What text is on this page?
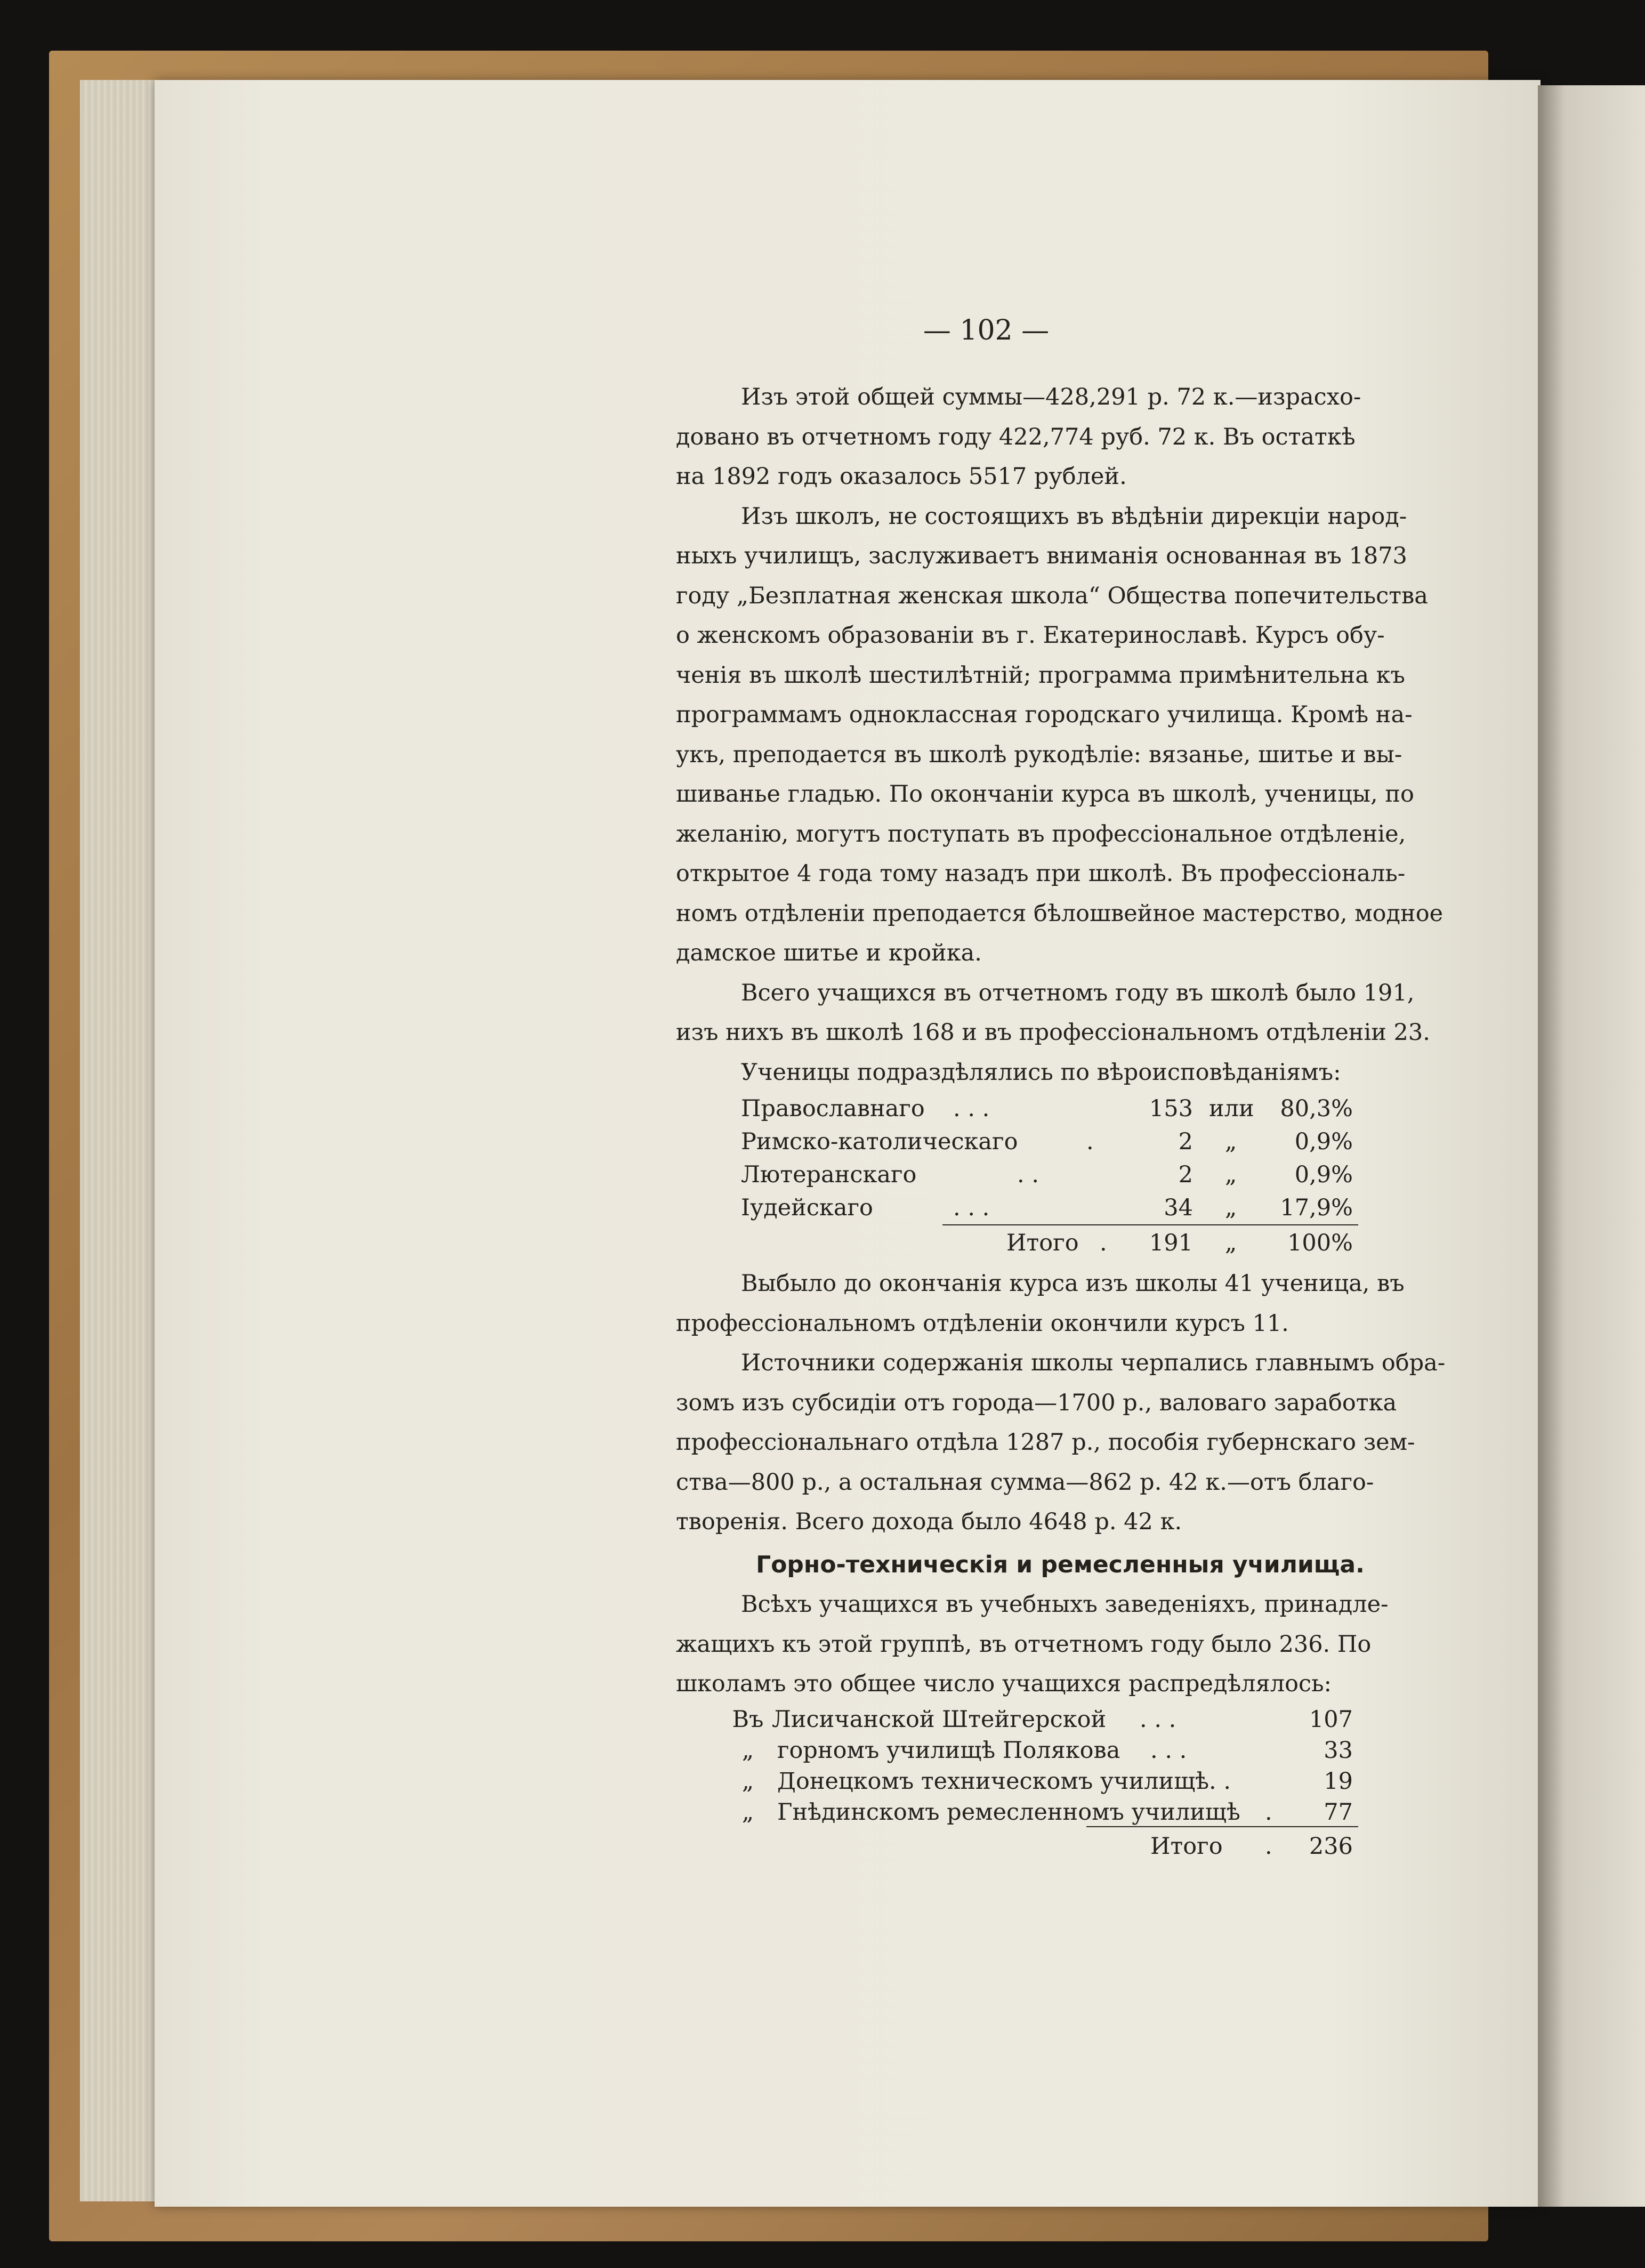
— 102 —
Изъ этой общей суммы—428,291 р. 72 к.—израсхо-
довано въ отчетномъ году 422,774 руб. 72 к. Въ остаткѣ
на 1892 годъ оказалось 5517 рублей.
Изъ школъ, не состоящихъ въ вѣдѣніи дирекціи народ-
ныхъ училищъ, заслуживаетъ вниманія основанная въ 1873
году „Безплатная женская школа“ Общества попечительства
о женскомъ образованіи въ г. Екатеринославѣ. Курсъ обу-
ченія въ школѣ шестилѣтній; программа примѣнительна къ
программамъ одноклассная городскаго училища. Кромѣ на-
укъ, преподается въ школѣ рукодѣліе: вязанье, шитье и вы-
шиванье гладью. По окончаніи курса въ школѣ, ученицы, по
желанію, могутъ поступать въ профессіональное отдѣленіе,
открытое 4 года тому назадъ при школѣ. Въ профессіональ-
номъ отдѣленіи преподается бѣлошвейное мастерство, модное
дамское шитье и кройка.
Всего учащихся въ отчетномъ году въ школѣ было 191,
изъ нихъ въ школѣ 168 и въ профессіональномъ отдѣленіи 23.
Ученицы подраздѣлялись по вѣроисповѣданіямъ:
Православнаго . . .	153 или	80,3%
Римско-католическаго	.	2 „	0,9%
Лютеранскаго	. .	2 „	0,9%
Іудейскаго	. . .	34 „	17,9%
Итого . 191 „	100%
Выбыло до окончанія курса изъ школы 41 ученица, въ
профессіональномъ отдѣленіи окончили курсъ 11.
Источники содержанія школы черпались главнымъ обра-
зомъ изъ субсидіи отъ города—1700 р., валоваго заработка
профессіональнаго отдѣла 1287 р., пособія губернскаго зем-
ства—800 р., а остальная сумма—862 р. 42 к.—отъ благо-
творенія. Всего дохода было 4648 р. 42 к.
Горно-техническія и ремесленныя училища.
Всѣхъ учащихся въ учебныхъ заведеніяхъ, принадле-
жащихъ къ этой группѣ, въ отчетномъ году было 236. По
школамъ это общее число учащихся распредѣлялось:
Въ Лисичанской Штейгерской . . .	107
„	горномъ училищѣ Полякова . . .	33
„	Донецкомъ техническомъ училищѣ . .	19
„	Гнѣдинскомъ ремесленномъ училищѣ .	77
Итого .	236
